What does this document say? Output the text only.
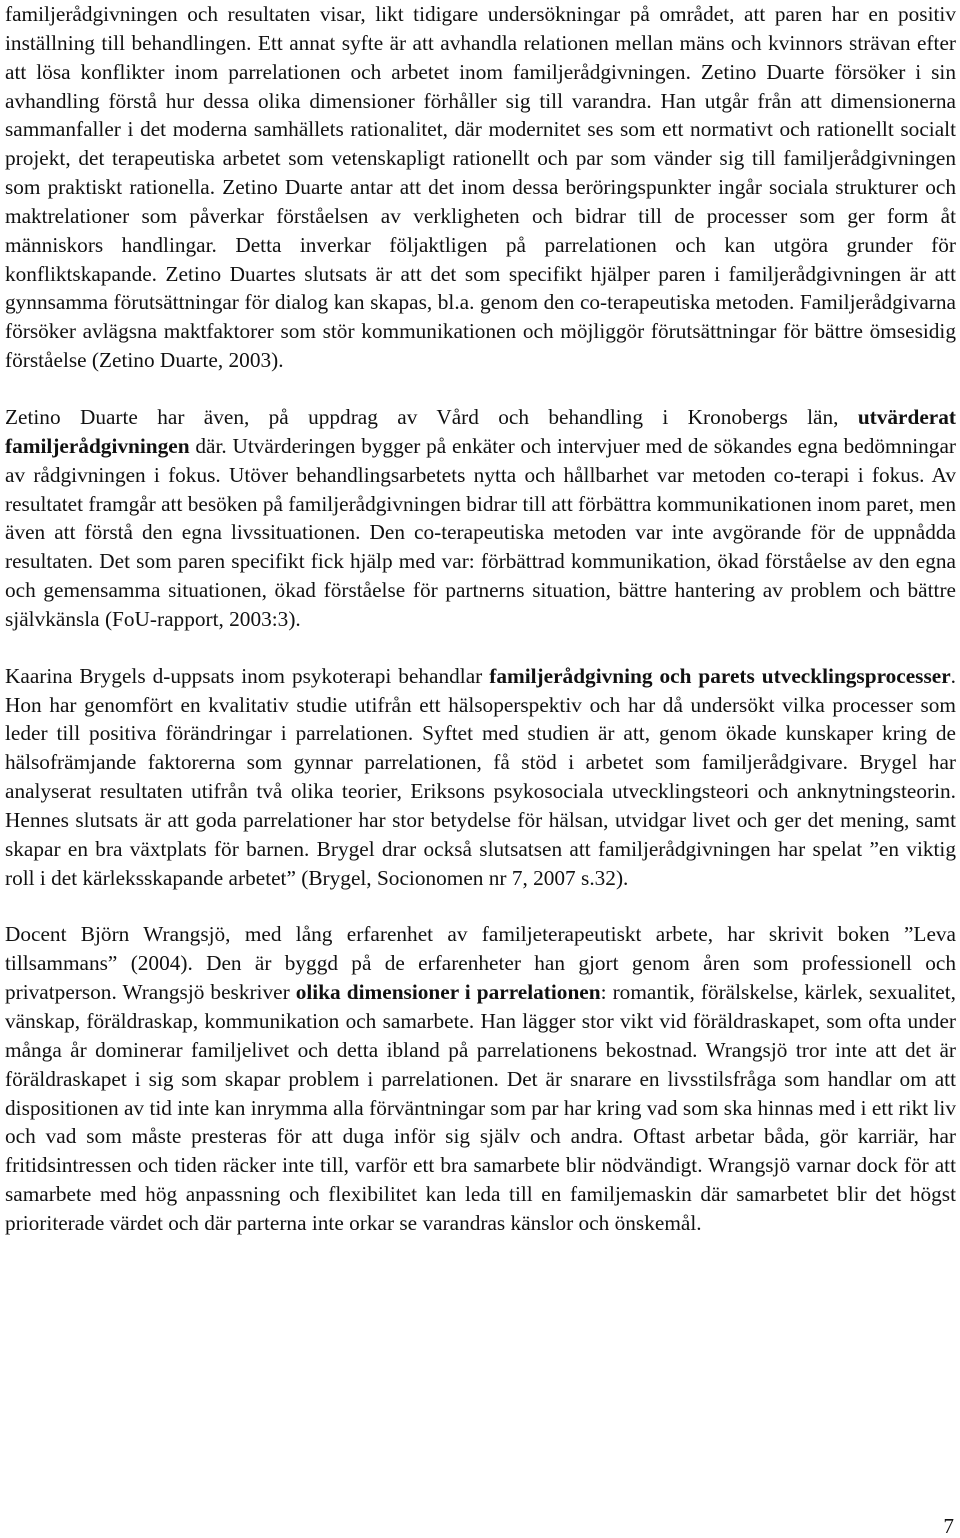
familjerådgivningen och resultaten visar, likt tidigare undersökningar på området, att paren har en positiv inställning till behandlingen. Ett annat syfte är att avhandla relationen mellan mäns och kvinnors strävan efter att lösa konflikter inom parrelationen och arbetet inom familjerådgivningen. Zetino Duarte försöker i sin avhandling förstå hur dessa olika dimensioner förhåller sig till varandra. Han utgår från att dimensionerna sammanfaller i det moderna samhällets rationalitet, där modernitet ses som ett normativt och rationellt socialt projekt, det terapeutiska arbetet som vetenskapligt rationellt och par som vänder sig till familjerådgivningen som praktiskt rationella. Zetino Duarte antar att det inom dessa beröringspunkter ingår sociala strukturer och maktrelationer som påverkar förståelsen av verkligheten och bidrar till de processer som ger form åt människors handlingar. Detta inverkar följaktligen på parrelationen och kan utgöra grunder för konfliktskapande. Zetino Duartes slutsats är att det som specifikt hjälper paren i familjerådgivningen är att gynnsamma förutsättningar för dialog kan skapas, bl.a. genom den co-terapeutiska metoden. Familjerådgivarna försöker avlägsna maktfaktorer som stör kommunikationen och möjliggör förutsättningar för bättre ömsesidig förståelse (Zetino Duarte, 2003).

Zetino Duarte har även, på uppdrag av Vård och behandling i Kronobergs län, utvärderat familjerådgivningen där. Utvärderingen bygger på enkäter och intervjuer med de sökandes egna bedömningar av rådgivningen i fokus. Utöver behandlingsarbetets nytta och hållbarhet var metoden co-terapi i fokus. Av resultatet framgår att besöken på familjerådgivningen bidrar till att förbättra kommunikationen inom paret, men även att förstå den egna livssituationen. Den co-terapeutiska metoden var inte avgörande för de uppnådda resultaten. Det som paren specifikt fick hjälp med var: förbättrad kommunikation, ökad förståelse av den egna och gemensamma situationen, ökad förståelse för partnerns situation, bättre hantering av problem och bättre självkänsla (FoU-rapport, 2003:3).

Kaarina Brygels d-uppsats inom psykoterapi behandlar familjerådgivning och parets utvecklingsprocesser. Hon har genomfört en kvalitativ studie utifrån ett hälsoperspektiv och har då undersökt vilka processer som leder till positiva förändringar i parrelationen. Syftet med studien är att, genom ökade kunskaper kring de hälsofrämjande faktorerna som gynnar parrelationen, få stöd i arbetet som familjerådgivare. Brygel har analyserat resultaten utifrån två olika teorier, Eriksons psykosociala utvecklingsteori och anknytningsteorin. Hennes slutsats är att goda parrelationer har stor betydelse för hälsan, utvidgar livet och ger det mening, samt skapar en bra växtplats för barnen. Brygel drar också slutsatsen att familjerådgivningen har spelat ”en viktig roll i det kärleksskapande arbetet” (Brygel, Socionomen nr 7, 2007 s.32).

Docent Björn Wrangsjö, med lång erfarenhet av familjeterapeutiskt arbete, har skrivit boken ”Leva tillsammans” (2004). Den är byggd på de erfarenheter han gjort genom åren som professionell och privatperson. Wrangsjö beskriver olika dimensioner i parrelationen: romantik, förälskelse, kärlek, sexualitet, vänskap, föräldraskap, kommunikation och samarbete. Han lägger stor vikt vid föräldraskapet, som ofta under många år dominerar familjelivet och detta ibland på parrelationens bekostnad. Wrangsjö tror inte att det är föräldraskapet i sig som skapar problem i parrelationen. Det är snarare en livsstilsfråga som handlar om att dispositionen av tid inte kan inrymma alla förväntningar som par har kring vad som ska hinnas med i ett rikt liv och vad som måste presteras för att duga inför sig själv och andra. Oftast arbetar båda, gör karriär, har fritidsintressen och tiden räcker inte till, varför ett bra samarbete blir nödvändigt. Wrangsjö varnar dock för att samarbete med hög anpassning och flexibilitet kan leda till en familjemaskin där samarbetet blir det högst prioriterade värdet och där parterna inte orkar se varandras känslor och önskemål.

7
